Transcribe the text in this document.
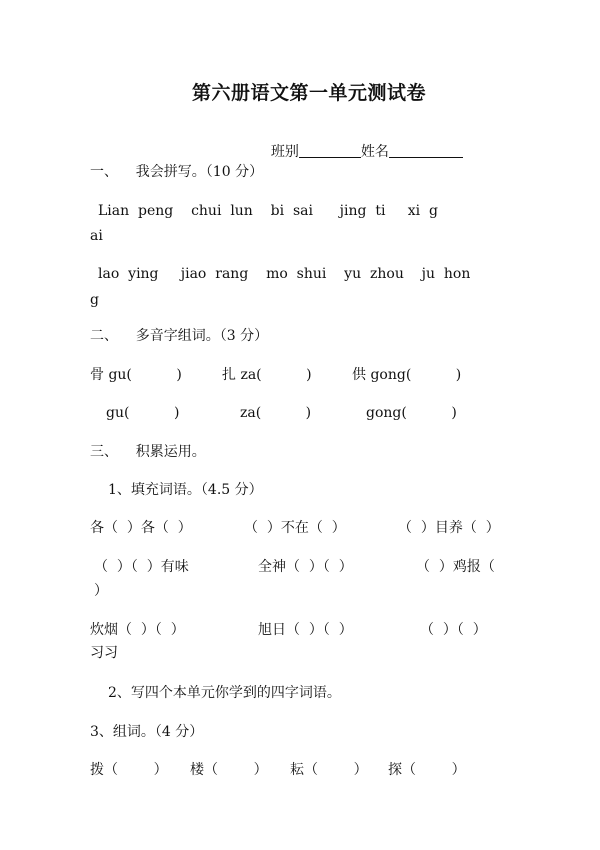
第六册语文第一单元测试卷

班别	姓名

一、    我会拼写。（10 分）
Lian  peng    chui  lun    bi  sai      jing  ti     xi  g
ai
lao  ying     jiao  rang    mo  shui    yu  zhou    ju  hon
g
二、    多音字组词。（3 分）
骨 gu(          )	扎 za(          )	供 gong(          )
gu(          )	za(          )	gong(          )
三、    积累运用。
1、填充词语。（4.5 分）
各（  ）各（  ）	（  ）不在（  ）	（  ）目养（  ）
（  ）（  ）有味	全神（  ）（  ）	（  ）鸡报（
）
炊烟（  ）（  ）	旭日（  ）（  ）	（  ）（  ）
习习
2、写四个本单元你学到的四字词语。
3、组词。（4 分）
拨（        ） 楼（        ） 耘（        ） 探（        ）
